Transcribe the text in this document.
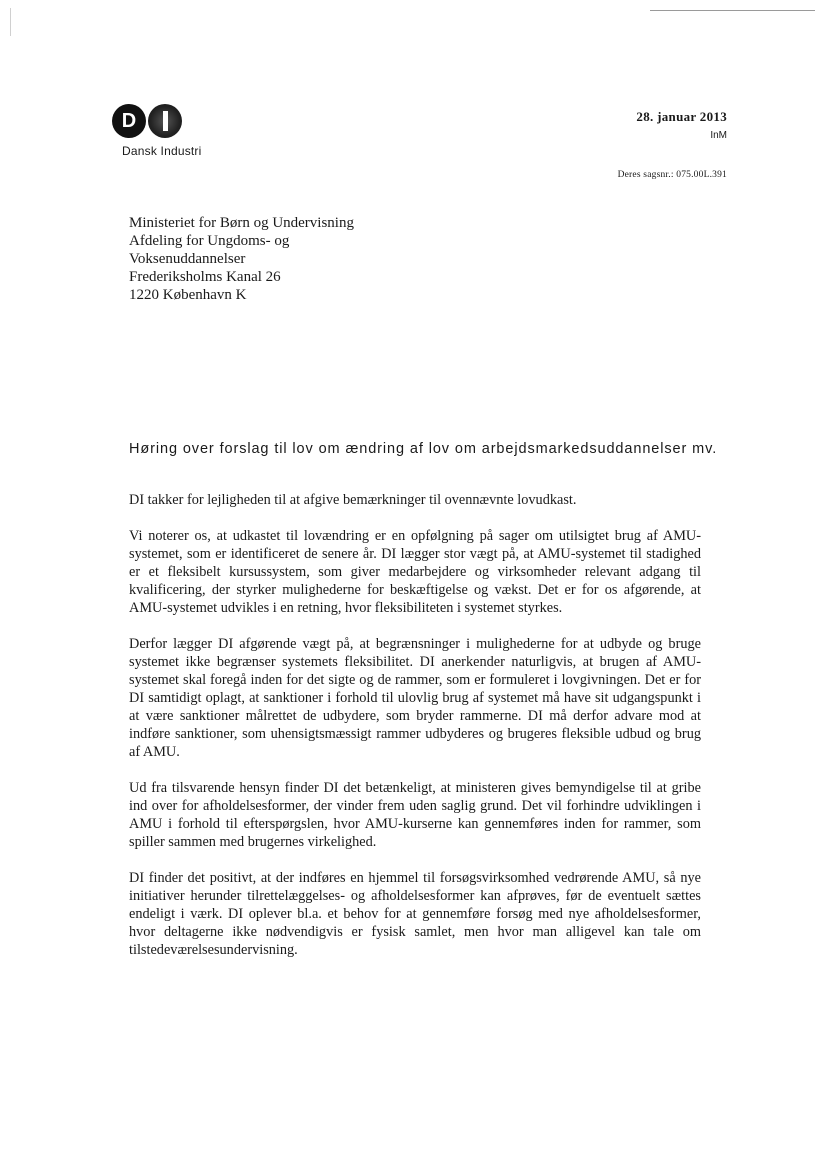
D
Dansk Industri
28. januar 2013
InM
Deres sagsnr.: 075.00L.391
Ministeriet for Børn og Undervisning
Afdeling for Ungdoms- og
Voksenuddannelser
Frederiksholms Kanal 26
1220 København K
Høring over forslag til lov om ændring af lov om arbejdsmarkedsuddannelser mv.

DI takker for lejligheden til at afgive bemærkninger til ovennævnte lovudkast.

Vi noterer os, at udkastet til lovændring er en opfølgning på sager om utilsigtet brug af AMU-systemet, som er identificeret de senere år. DI lægger stor vægt på, at AMU-systemet til stadighed er et fleksibelt kursussystem, som giver medarbejdere og virksomheder relevant adgang til kvalificering, der styrker mulighederne for beskæftigelse og vækst. Det er for os afgørende, at AMU-systemet udvikles i en retning, hvor fleksibiliteten i systemet styrkes.

Derfor lægger DI afgørende vægt på, at begrænsninger i mulighederne for at udbyde og bruge systemet ikke begrænser systemets fleksibilitet. DI anerkender naturligvis, at brugen af AMU-systemet skal foregå inden for det sigte og de rammer, som er formuleret i lovgivningen. Det er for DI samtidigt oplagt, at sanktioner i forhold til ulovlig brug af systemet må have sit udgangspunkt i at være sanktioner målrettet de udbydere, som bryder rammerne. DI må derfor advare mod at indføre sanktioner, som uhensigtsmæssigt rammer udbyderes og brugeres fleksible udbud og brug af AMU.

Ud fra tilsvarende hensyn finder DI det betænkeligt, at ministeren gives bemyndigelse til at gribe ind over for afholdelsesformer, der vinder frem uden saglig grund. Det vil forhindre udviklingen i AMU i forhold til efterspørgslen, hvor AMU-kurserne kan gennemføres inden for rammer, som spiller sammen med brugernes virkelighed.

DI finder det positivt, at der indføres en hjemmel til forsøgsvirksomhed vedrørende AMU, så nye initiativer herunder tilrettelæggelses- og afholdelsesformer kan afprøves, før de eventuelt sættes endeligt i værk. DI oplever bl.a. et behov for at gennemføre forsøg med nye afholdelsesformer, hvor deltagerne ikke nødvendigvis er fysisk samlet, men hvor man alligevel kan tale om tilstedeværelsesundervisning.
